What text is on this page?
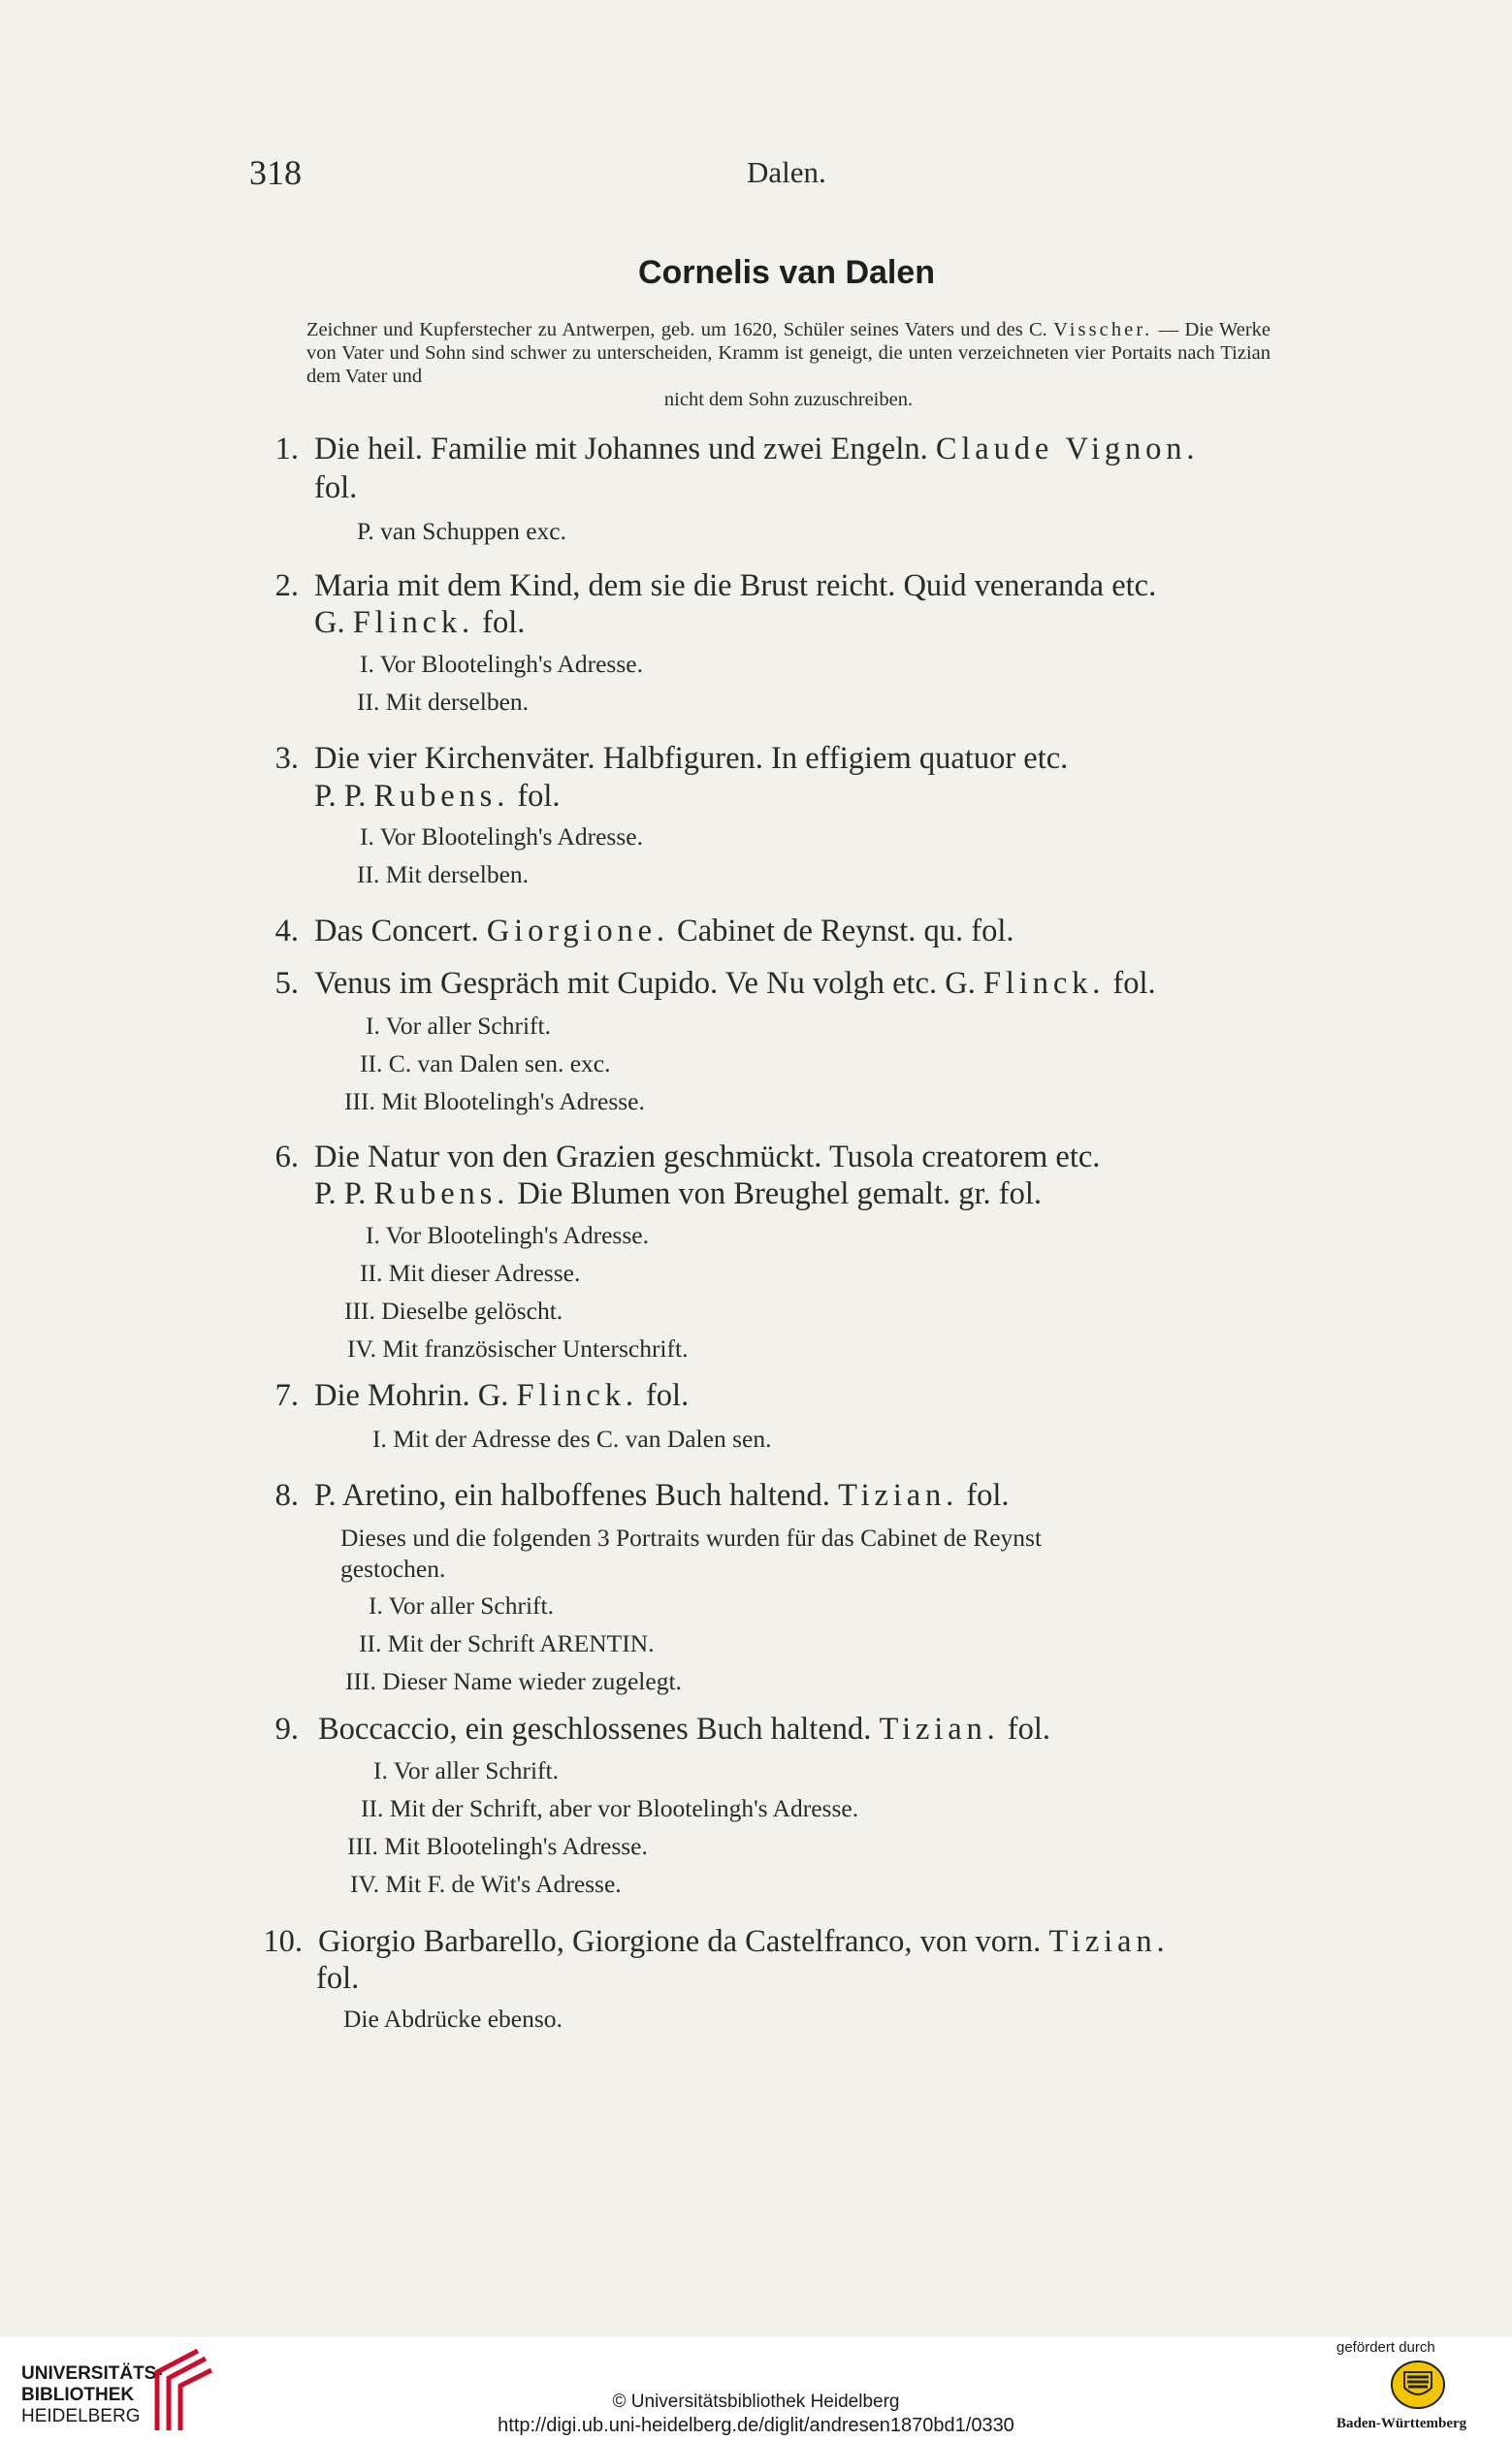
318	Dalen.
Cornelis van Dalen
Zeichner und Kupferstecher zu Antwerpen, geb. um 1620, Schüler seines Vaters und des C. Visscher. — Die Werke von Vater und Sohn sind schwer zu unterscheiden, Kramm ist geneigt, die unten verzeichneten vier Portaits nach Tizian dem Vater und
nicht dem Sohn zuzuschreiben.
1. Die heil. Familie mit Johannes und zwei Engeln. Claude Vignon.
fol.
P. van Schuppen exc.
2. Maria mit dem Kind, dem sie die Brust reicht. Quid veneranda etc.
G. Flinck. fol.
I. Vor Blootelingh's Adresse.
II. Mit derselben.
3. Die vier Kirchenväter. Halbfiguren. In effigiem quatuor etc.
P. P. Rubens. fol.
I. Vor Blootelingh's Adresse.
II. Mit derselben.
4. Das Concert. Giorgione. Cabinet de Reynst. qu. fol.
5. Venus im Gespräch mit Cupido. Ve Nu volgh etc. G. Flinck. fol.
I. Vor aller Schrift.
II. C. van Dalen sen. exc.
III. Mit Blootelingh's Adresse.
6. Die Natur von den Grazien geschmückt. Tusola creatorem etc.
P. P. Rubens. Die Blumen von Breughel gemalt. gr. fol.
I. Vor Blootelingh's Adresse.
II. Mit dieser Adresse.
III. Dieselbe gelöscht.
IV. Mit französischer Unterschrift.
7. Die Mohrin. G. Flinck. fol.
I. Mit der Adresse des C. van Dalen sen.
8. P. Aretino, ein halboffenes Buch haltend. Tizian. fol.
Dieses und die folgenden 3 Portraits wurden für das Cabinet de Reynst
gestochen.
I. Vor aller Schrift.
II. Mit der Schrift ARENTIN.
III. Dieser Name wieder zugelegt.
9. Boccaccio, ein geschlossenes Buch haltend. Tizian. fol.
I. Vor aller Schrift.
II. Mit der Schrift, aber vor Blootelingh's Adresse.
III. Mit Blootelingh's Adresse.
IV. Mit F. de Wit's Adresse.
10. Giorgio Barbarello, Giorgione da Castelfranco, von vorn. Tizian.
fol.
Die Abdrücke ebenso.
UNIVERSITÄTS-
BIBLIOTHEK
HEIDELBERG
© Universitätsbibliothek Heidelberg
http://digi.ub.uni-heidelberg.de/diglit/andresen1870bd1/0330
gefördert durch
Baden-Württemberg
